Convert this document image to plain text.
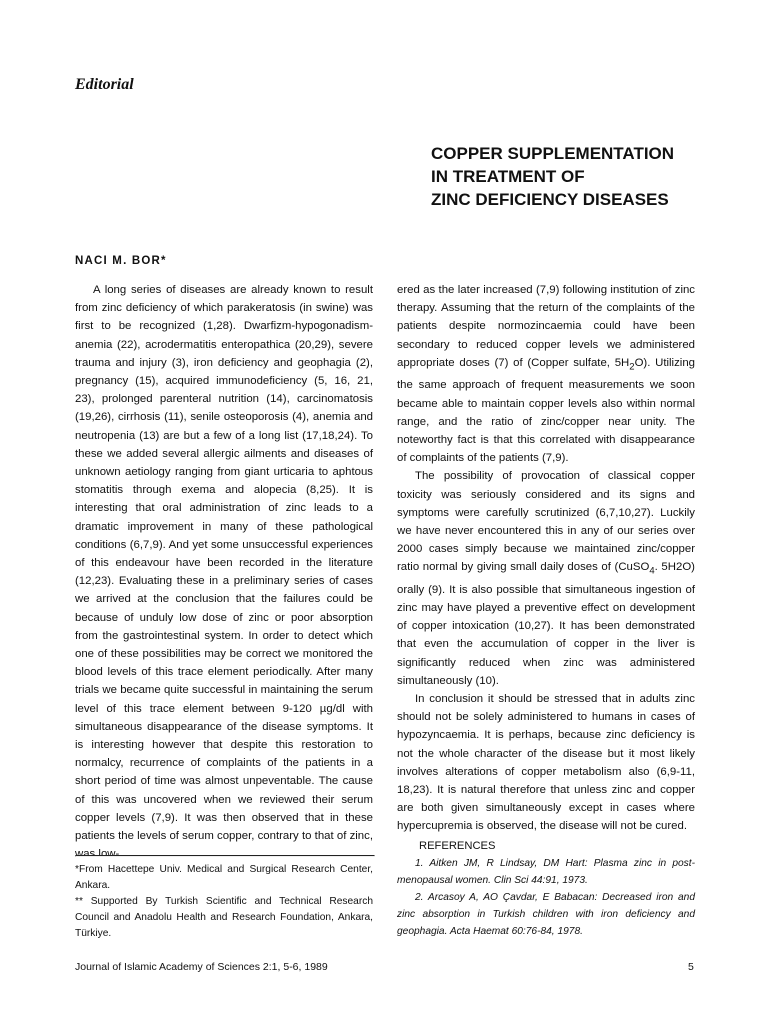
Editorial
COPPER SUPPLEMENTATION
IN TREATMENT OF
ZINC DEFICIENCY DISEASES

NACI M. BOR*

A long series of diseases are already known to result from zinc deficiency of which parakeratosis (in swine) was first to be recognized (1,28). Dwarfizm-hypogonadism-anemia (22), acrodermatitis enteropathica (20,29), severe trauma and injury (3), iron deficiency and geophagia (2), pregnancy (15), acquired immunodeficiency (5, 16, 21, 23), prolonged parenteral nutrition (14), carcinomatosis (19,26), cirrhosis (11), senile osteoporosis (4), anemia and neutropenia (13) are but a few of a long list (17,18,24). To these we added several allergic ailments and diseases of unknown aetiology ranging from giant urticaria to aphtous stomatitis through exema and alopecia (8,25). It is interesting that oral administration of zinc leads to a dramatic improvement in many of these pathological conditions (6,7,9). And yet some unsuccessful experiences of this endeavour have been recorded in the literature (12,23). Evaluating these in a preliminary series of cases we arrived at the conclusion that the failures could be because of unduly low dose of zinc or poor absorption from the gastrointestinal system. In order to detect which one of these possibilities may be correct we monitored the blood levels of this trace element periodically. After many trials we became quite successful in maintaining the serum level of this trace element between 9-120 µg/dl with simultaneous disappearance of the disease symptoms. It is interesting however that despite this restoration to normalcy, recurrence of complaints of the patients in a short period of time was almost unpeventable. The cause of this was uncovered when we reviewed their serum copper levels (7,9). It was then observed that in these patients the levels of serum copper, contrary to that of zinc, was low-

ered as the later increased (7,9) following institution of zinc therapy. Assuming that the return of the complaints of the patients despite normozincaemia could have been secondary to reduced copper levels we administered appropriate doses (7) of (Copper sulfate, $5H_2O$). Utilizing the same approach of frequent measurements we soon became able to maintain copper levels also within normal range, and the ratio of zinc/copper near unity. The noteworthy fact is that this correlated with disappearance of complaints of the patients (7,9).

The possibility of provocation of classical copper toxicity was seriously considered and its signs and symptoms were carefully scrutinized (6,7,10,27). Luckily we have never encountered this in any of our series over 2000 cases simply because we maintained zinc/copper ratio normal by giving small daily doses of (CuSO$_4$. 5H2O) orally (9). It is also possible that simultaneous ingestion of zinc may have played a preventive effect on development of copper intoxication (10,27). It has been demonstrated that even the accumulation of copper in the liver is significantly reduced when zinc was administered simultaneously (10).

In conclusion it should be stressed that in adults zinc should not be solely administered to humans in cases of hypozyncaemia. It is perhaps, because zinc deficiency is not the whole character of the disease but it most likely involves alterations of copper metabolism also (6,9-11, 18,23). It is natural therefore that unless zinc and copper are both given simultaneously except in cases where hypercupremia is observed, the disease will not be cured.

REFERENCES

1. Aitken JM, R Lindsay, DM Hart: Plasma zinc in post-menopausal women. Clin Sci 44:91, 1973.
2. Arcasoy A, AO Çavdar, E Babacan: Decreased iron and zinc absorption in Turkish children with iron deficiency and geophagia. Acta Haemat 60:76-84, 1978.

*From Hacettepe Univ. Medical and Surgical Research Center, Ankara.

** Supported By Turkish Scientific and Technical Research Council and Anadolu Health and Research Foundation, Ankara, Türkiye.

Journal of Islamic Academy of Sciences 2:1, 5-6, 1989	5
